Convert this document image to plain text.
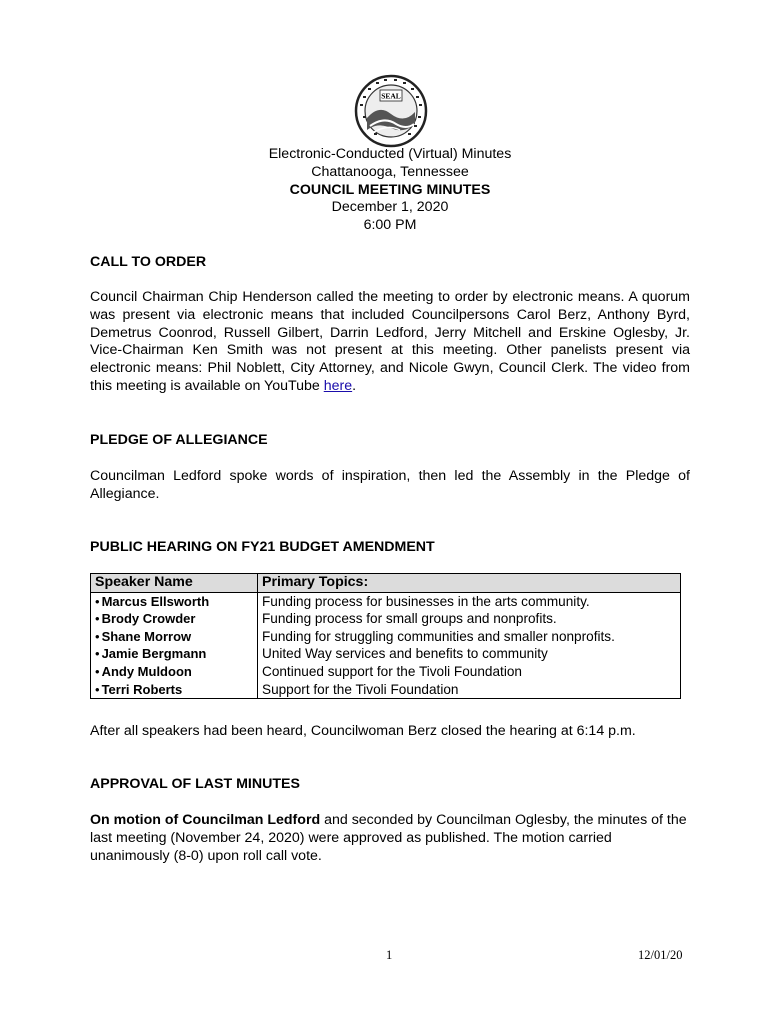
SEAL
Electronic-Conducted (Virtual) Minutes
Chattanooga, Tennessee
COUNCIL MEETING MINUTES
December 1, 2020
6:00 PM
CALL TO ORDER
Council Chairman Chip Henderson called the meeting to order by electronic means. A quorum was present via electronic means that included Councilpersons Carol Berz, Anthony Byrd, Demetrus Coonrod, Russell Gilbert, Darrin Ledford, Jerry Mitchell and Erskine Oglesby, Jr. Vice-Chairman Ken Smith was not present at this meeting. Other panelists present via electronic means: Phil Noblett, City Attorney, and Nicole Gwyn, Council Clerk. The video from this meeting is available on YouTube here.
PLEDGE OF ALLEGIANCE
Councilman Ledford spoke words of inspiration, then led the Assembly in the Pledge of Allegiance.
PUBLIC HEARING ON FY21 BUDGET AMENDMENT
Speaker Name	Primary Topics:
• Marcus Ellsworth	Funding process for businesses in the arts community.
• Brody Crowder	Funding process for small groups and nonprofits.
• Shane Morrow	Funding for struggling communities and smaller nonprofits.
• Jamie Bergmann	United Way services and benefits to community
• Andy Muldoon	Continued support for the Tivoli Foundation
• Terri Roberts	Support for the Tivoli Foundation
After all speakers had been heard, Councilwoman Berz closed the hearing at 6:14 p.m.
APPROVAL OF LAST MINUTES
On motion of Councilman Ledford and seconded by Councilman Oglesby, the minutes of the last meeting (November 24, 2020) were approved as published. The motion carried unanimously (8-0) upon roll call vote.
1	12/01/20
